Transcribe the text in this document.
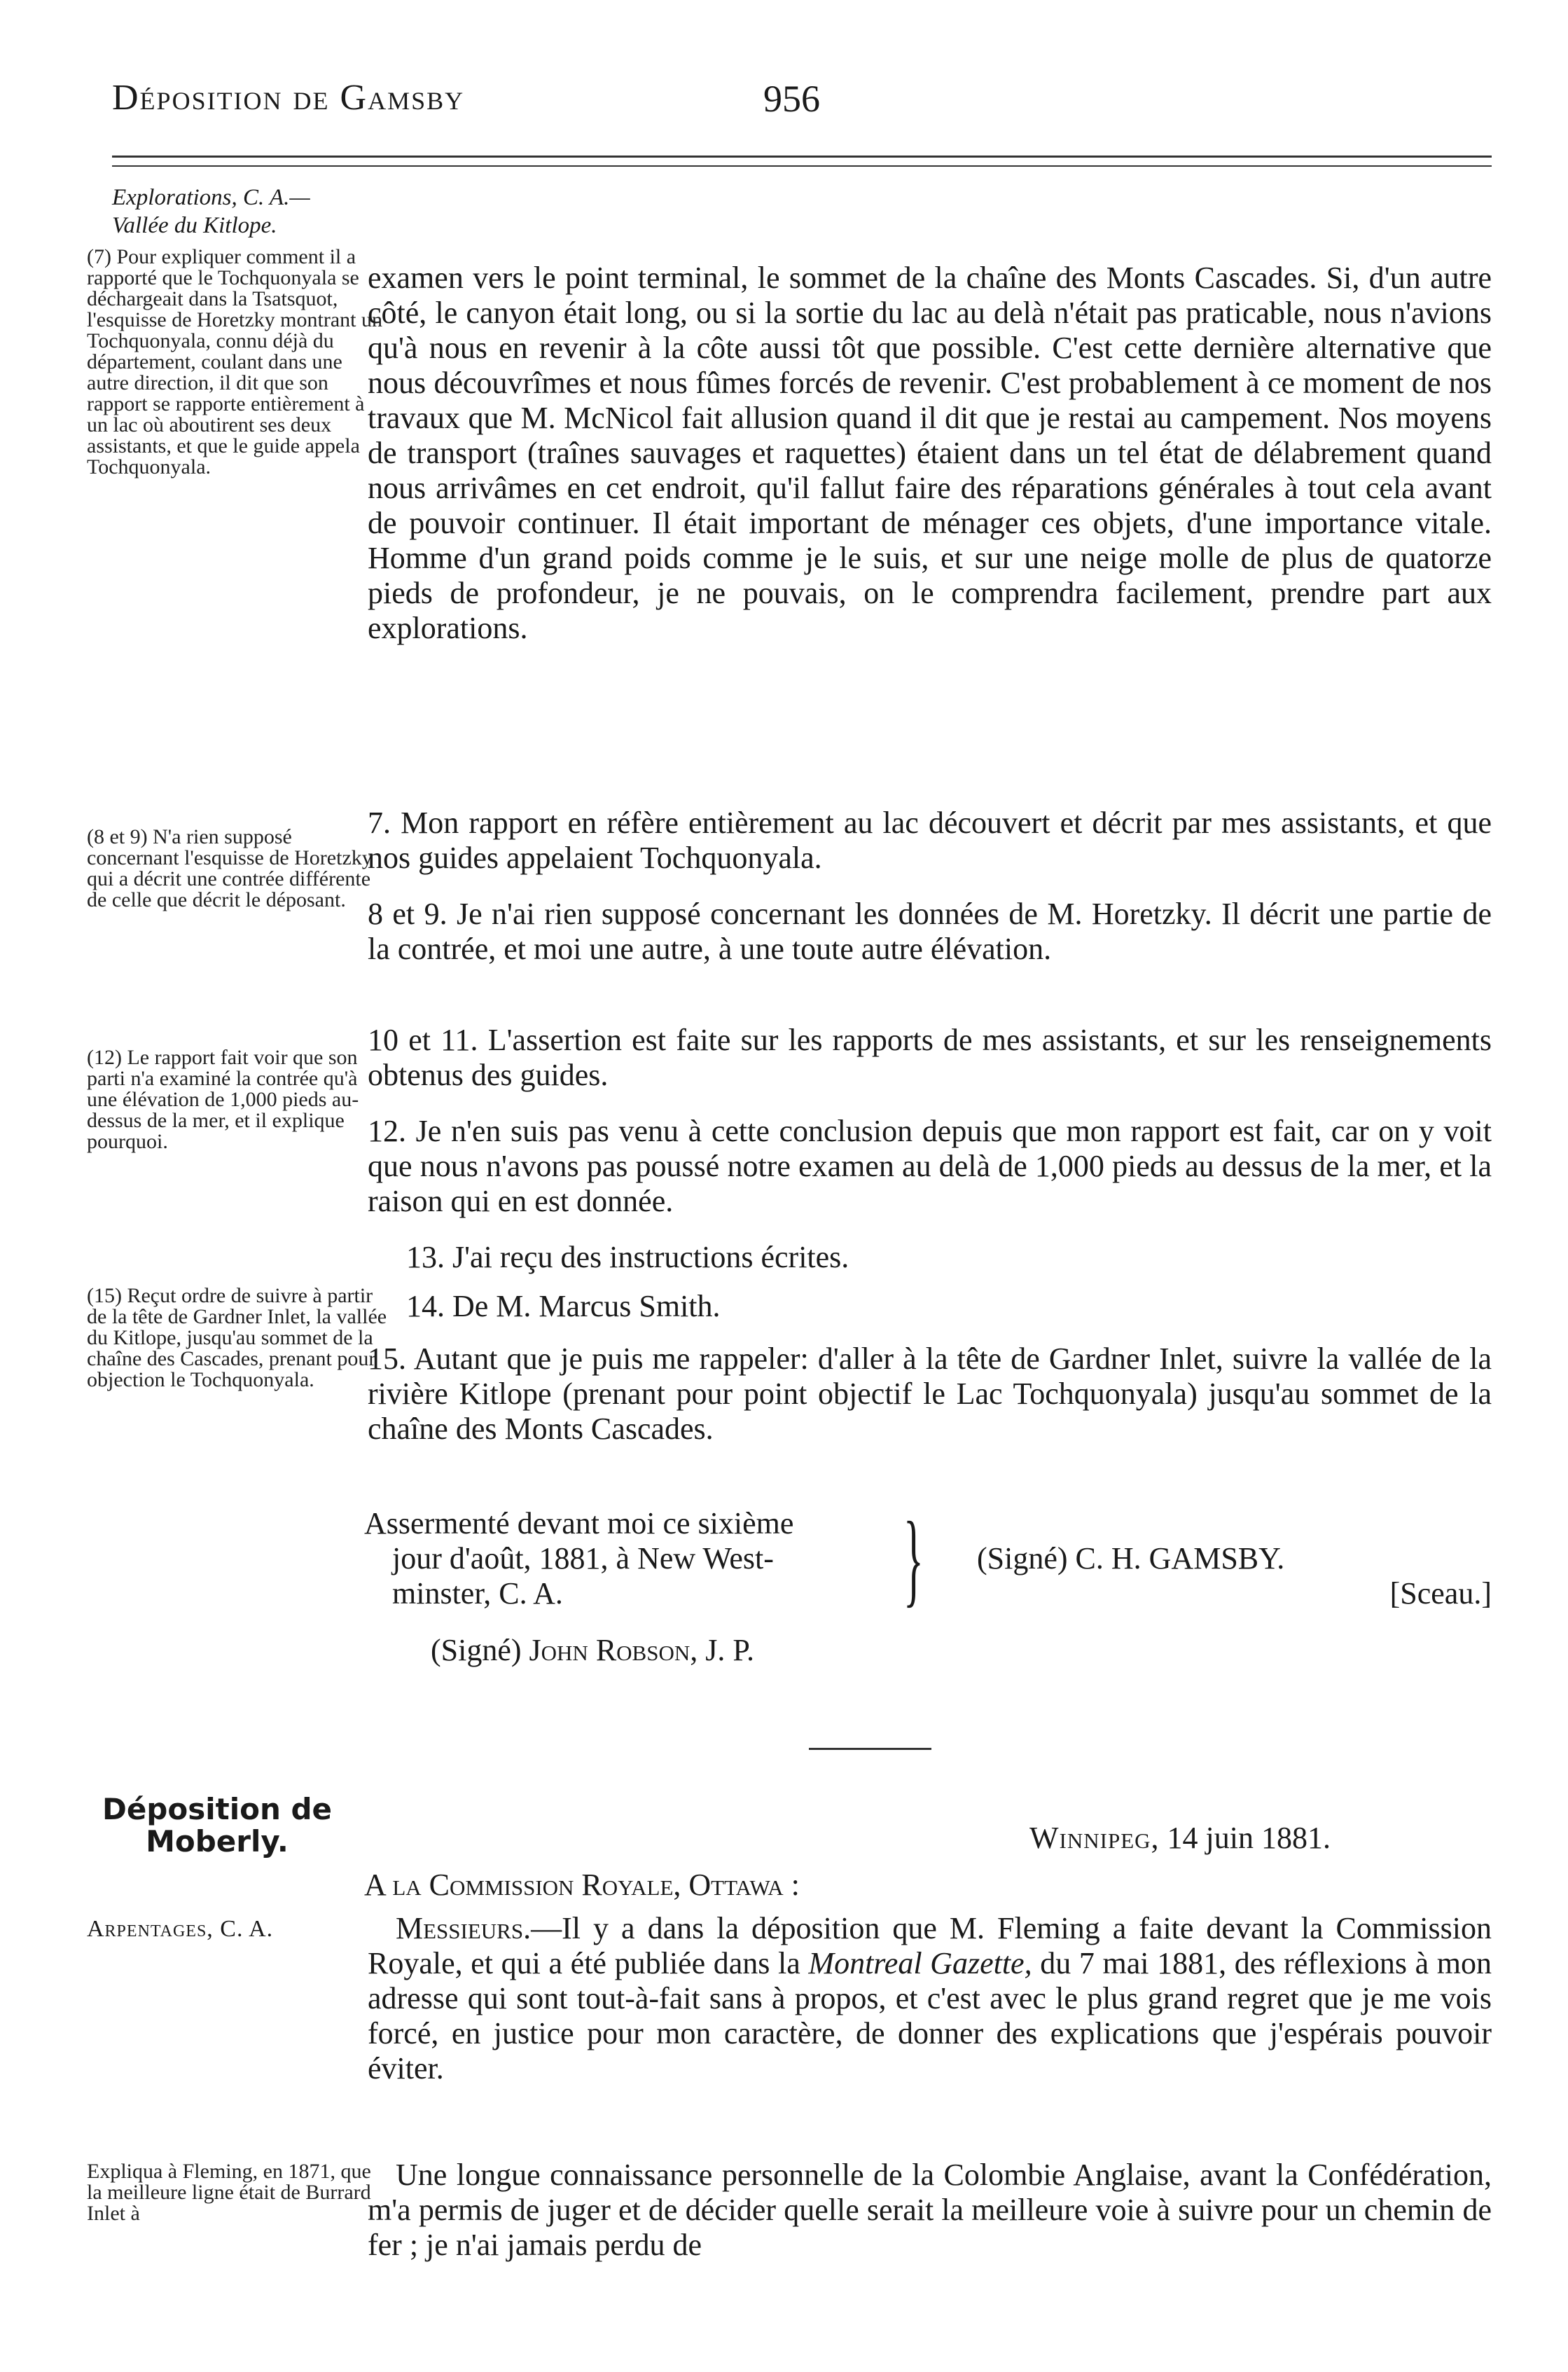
Déposition de Gamsby	956
Explorations, C. A.—
Vallée du Kitlope.
(7) Pour expliquer comment il a rapporté que le Tochquonyala se déchargeait dans la Tsatsquot, l'esquisse de Horetzky montrant un Tochquonyala, connu déjà du département, coulant dans une autre direction, il dit que son rapport se rapporte entièrement à un lac où aboutirent ses deux assistants, et que le guide appela Tochquonyala.
(8 et 9) N'a rien supposé concernant l'esquisse de Horetzky qui a décrit une contrée différente de celle que décrit le déposant.
(12) Le rapport fait voir que son parti n'a examiné la contrée qu'à une élévation de 1,000 pieds au-dessus de la mer, et il explique pourquoi.
(15) Reçut ordre de suivre à partir de la tête de Gardner Inlet, la vallée du Kitlope, jusqu'au sommet de la chaîne des Cascades, prenant pour objection le Tochquonyala.
examen vers le point terminal, le sommet de la chaîne des Monts Cascades. Si, d'un autre côté, le canyon était long, ou si la sortie du lac au delà n'était pas praticable, nous n'avions qu'à nous en revenir à la côte aussi tôt que possible. C'est cette dernière alternative que nous découvrîmes et nous fûmes forcés de revenir. C'est probablement à ce moment de nos travaux que M. McNicol fait allusion quand il dit que je restai au campement. Nos moyens de transport (traînes sauvages et raquettes) étaient dans un tel état de délabrement quand nous arrivâmes en cet endroit, qu'il fallut faire des réparations générales à tout cela avant de pouvoir continuer. Il était important de ménager ces objets, d'une importance vitale. Homme d'un grand poids comme je le suis, et sur une neige molle de plus de quatorze pieds de profondeur, je ne pouvais, on le comprendra facilement, prendre part aux explorations.
7. Mon rapport en réfère entièrement au lac découvert et décrit par mes assistants, et que nos guides appelaient Tochquonyala.
8 et 9. Je n'ai rien supposé concernant les données de M. Horetzky. Il décrit une partie de la contrée, et moi une autre, à une toute autre élévation.
10 et 11. L'assertion est faite sur les rapports de mes assistants, et sur les renseignements obtenus des guides.
12. Je n'en suis pas venu à cette conclusion depuis que mon rapport est fait, car on y voit que nous n'avons pas poussé notre examen au delà de 1,000 pieds au dessus de la mer, et la raison qui en est donnée.
13. J'ai reçu des instructions écrites.
14. De M. Marcus Smith.
15. Autant que je puis me rappeler: d'aller à la tête de Gardner Inlet, suivre la vallée de la rivière Kitlope (prenant pour point objectif le Lac Tochquonyala) jusqu'au sommet de la chaîne des Monts Cascades.
Assermenté devant moi ce sixième
jour d'août, 1881, à New West-
minster, C. A.	} (Signé) C. H. GAMSBY.
[Sceau.]
(Signé) John Robson, J. P.
Déposition de Moberly.	Winnipeg, 14 juin 1881.
A la Commission Royale, Ottawa :
Arpentages, C. A.	Messieurs.—Il y a dans la déposition que M. Fleming a faite devant la Commission Royale, et qui a été publiée dans la Montreal Gazette, du 7 mai 1881, des réflexions à mon adresse qui sont tout-à-fait sans à propos, et c'est avec le plus grand regret que je me vois forcé, en justice pour mon caractère, de donner des explications que j'espérais pouvoir éviter.
Expliqua à Fleming, en 1871, que la meilleure ligne était de Burrard Inlet à
Une longue connaissance personnelle de la Colombie Anglaise, avant la Confédération, m'a permis de juger et de décider quelle serait la meilleure voie à suivre pour un chemin de fer ; je n'ai jamais perdu de
